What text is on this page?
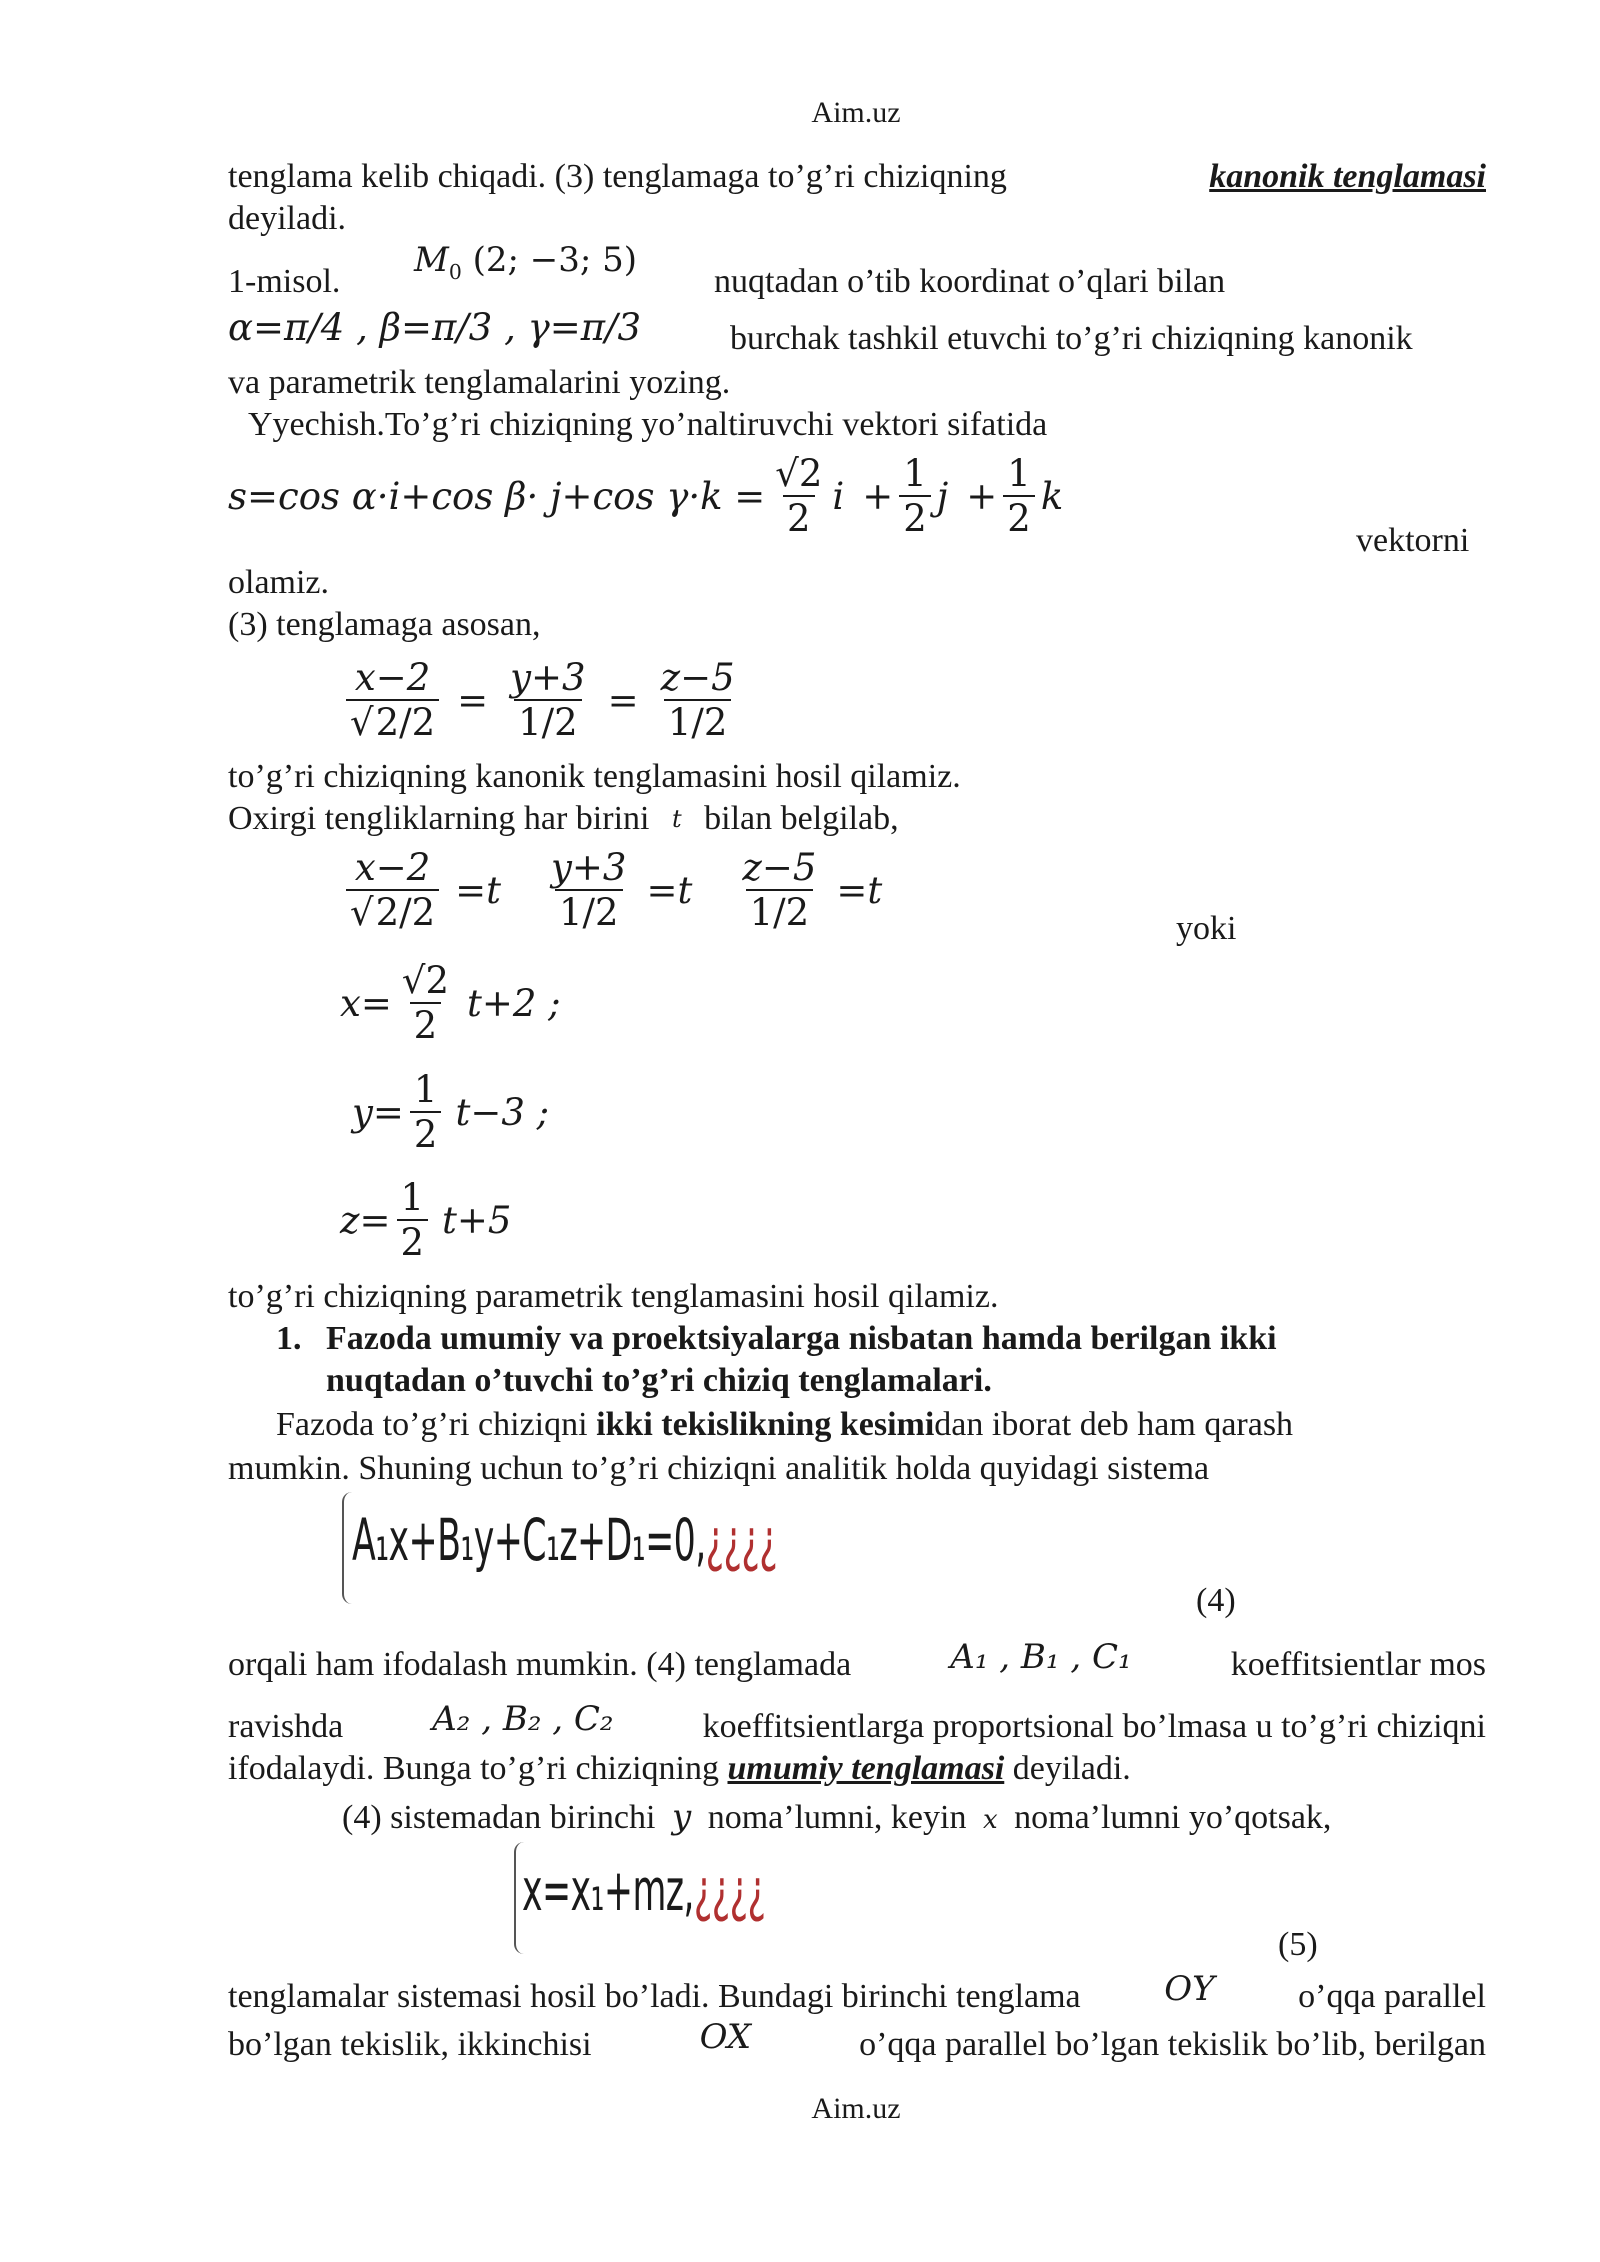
Aim.uz
tenglama kelib chiqadi. (3) tenglamaga to’g’ri chiziqning	kanonik tenglamasi
deyiladi.
1-misol.
$M_0$ (2; −3; 5)
nuqtadan o’tib koordinat o’qlari bilan
α=π/4 , β=π/3 , γ=π/3	burchak tashkil etuvchi to’g’ri chiziqning kanonik
va parametrik tenglamalarini yozing.
Yyechish.To’g’ri chiziqning yo’naltiruvchi vektori sifatida
s=cos α·i+cos β· j+cos $\gamma\cdot k = \frac{√2}{2}$ $i + \frac{1}{2}$ $j + \frac{1}{2}$ k
vektorni
olamiz.
(3) tenglamaga asosan,
$\frac{x-2}{√2/2} = \frac{y+3}{1/2} = \frac{z-5}{1/2}$
to’g’ri chiziqning kanonik tenglamasini hosil qilamiz.
Oxirgi tengliklarning har birini $^t$ bilan belgilab,
$\frac{x-2}{√2/2} =t \frac{y+3}{1/2} =t \frac{z-5}{1/2} =t$
yoki
$x= \frac{√2}{2} t+2$ ;
$y= \frac{1}{2} t-3$ ;
$z= \frac{1}{2} t+5$
to’g’ri chiziqning parametrik tenglamasini hosil qilamiz.
1. Fazoda umumiy va proektsiyalarga nisbatan hamda berilgan ikki
nuqtadan o’tuvchi to’g’ri chiziq tenglamalari.
Fazoda to’g’ri chiziqni ikki tekislikning kesimidan iborat deb ham qarash
mumkin. Shuning uchun to’g’ri chiziqni analitik holda quyidagi sistema
A₁x+B₁y+C₁z+D₁=0,¿¿¿¿
(4)
orqali ham ifodalash mumkin. (4) tenglamada	A₁ , B₁ , C₁	koeffitsientlar mos
ravishda	A₂ , B₂ , C₂	koeffitsientlarga proportsional bo’lmasa u to’g’ri chiziqni
ifodalaydi. Bunga to’g’ri chiziqning umumiy tenglamasi deyiladi.
(4) sistemadan birinchi y noma’lumni, keyin x noma’lumni yo’qotsak,
x=x₁+mz,¿¿¿¿
(5)
tenglamalar sistemasi hosil bo’ladi. Bundagi birinchi tenglama OY o’qqa parallel
bo’lgan tekislik, ikkinchisi	OX	o’qqa parallel bo’lgan tekislik bo’lib, berilgan
Aim.uz
